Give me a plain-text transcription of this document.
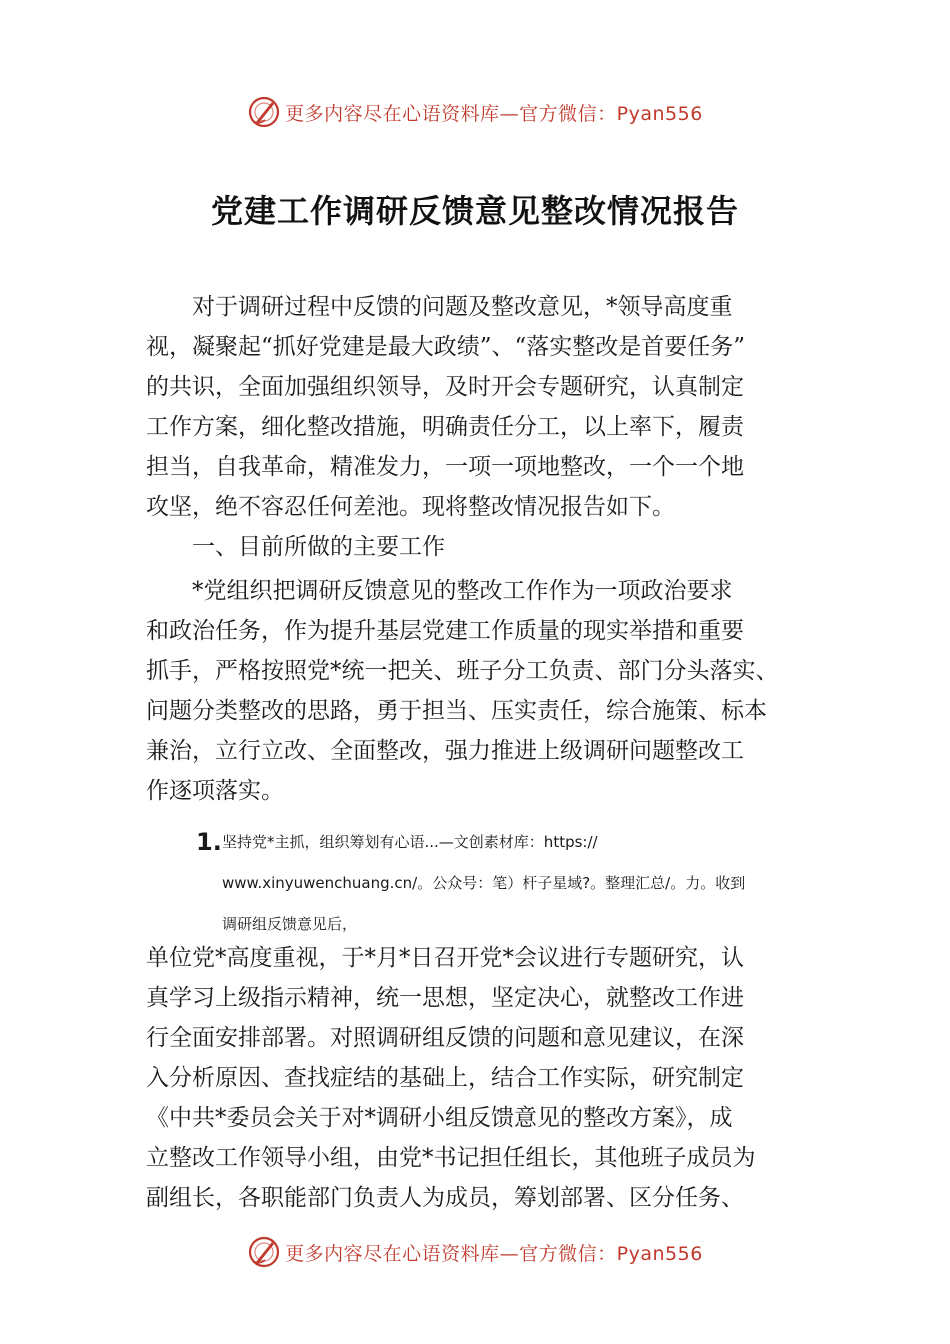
更多内容尽在心语资料库—官方微信：Pyan556
党建工作调研反馈意见整改情况报告

对于调研过程中反馈的问题及整改意见，*领导高度重

视，凝聚起“抓好党建是最大政绩”、“落实整改是首要任务”

的共识，全面加强组织领导，及时开会专题研究，认真制定

工作方案，细化整改措施，明确责任分工，以上率下，履责

担当，自我革命，精准发力，一项一项地整改，一个一个地

攻坚，绝不容忍任何差池。现将整改情况报告如下。

一、目前所做的主要工作

*党组织把调研反馈意见的整改工作作为一项政治要求

和政治任务，作为提升基层党建工作质量的现实举措和重要

抓手，严格按照党*统一把关、班子分工负责、部门分头落实、

问题分类整改的思路，勇于担当、压实责任，综合施策、标本

兼治，立行立改、全面整改，强力推进上级调研问题整改工

作逐项落实。

1. 坚持党*主抓，组织筹划有心语...—文创素材库：https://
www.xinyuwenchuang.cn/。公众号：笔）杆子星域?。整理汇总/。力。收到
调研组反馈意见后，

单位党*高度重视，于*月*日召开党*会议进行专题研究，认

真学习上级指示精神，统一思想，坚定决心，就整改工作进

行全面安排部署。对照调研组反馈的问题和意见建议，在深

入分析原因、查找症结的基础上，结合工作实际，研究制定

《中共*委员会关于对*调研小组反馈意见的整改方案》，成

立整改工作领导小组，由党*书记担任组长，其他班子成员为

副组长，各职能部门负责人为成员，筹划部署、区分任务、

更多内容尽在心语资料库—官方微信：Pyan556
